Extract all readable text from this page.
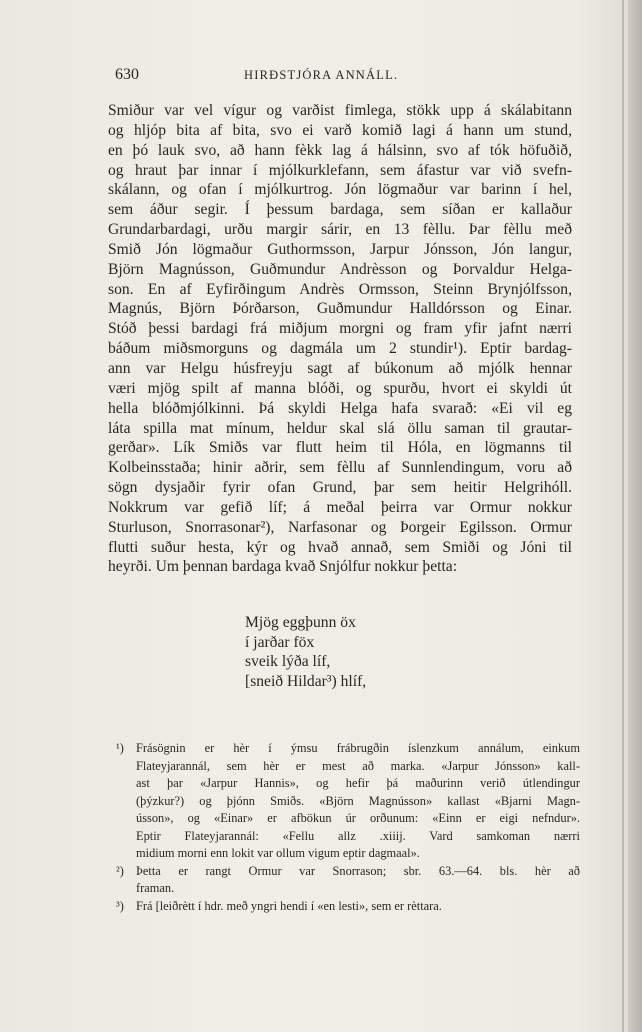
630	HIRÐSTJÓRA ANNÁLL.
Smiður var vel vígur og varðist fimlega, stökk upp á skálabitann
og hljóp bita af bita, svo ei varð komið lagi á hann um stund,
en þó lauk svo, að hann fèkk lag á hálsinn, svo af tók höfuðið,
og hraut þar innar í mjólkurklefann, sem áfastur var við svefn-
skálann, og ofan í mjólkurtrog. Jón lögmaður var barinn í hel,
sem áður segir. Í þessum bardaga, sem síðan er kallaður
Grundarbardagi, urðu margir sárir, en 13 fèllu. Þar fèllu með
Smið Jón lögmaður Guthormsson, Jarpur Jónsson, Jón langur,
Björn Magnússon, Guðmundur Andrèsson og Þorvaldur Helga-
son. En af Eyfirðingum Andrès Ormsson, Steinn Brynjólfsson,
Magnús, Björn Þórðarson, Guðmundur Halldórsson og Einar.
Stóð þessi bardagi frá miðjum morgni og fram yfir jafnt nærri
báðum miðsmorguns og dagmála um 2 stundir¹). Eptir bardag-
ann var Helgu húsfreyju sagt af búkonum að mjólk hennar
væri mjög spilt af manna blóði, og spurðu, hvort ei skyldi út
hella blóðmjólkinni. Þá skyldi Helga hafa svarað: «Ei vil eg
láta spilla mat mínum, heldur skal slá öllu saman til grautar-
gerðar». Lík Smiðs var flutt heim til Hóla, en lögmanns til
Kolbeinsstaða; hinir aðrir, sem fèllu af Sunnlendingum, voru að
sögn dysjaðir fyrir ofan Grund, þar sem heitir Helgrihóll.
Nokkrum var gefið líf; á meðal þeirra var Ormur nokkur
Sturluson, Snorrasonar²), Narfasonar og Þorgeir Egilsson. Ormur
flutti suður hesta, kýr og hvað annað, sem Smiði og Jóni til
heyrði. Um þennan bardaga kvað Snjólfur nokkur þetta:
Mjög eggþunn öx
í jarðar föx
sveik lýða líf,
[sneið Hildar³) hlíf,
¹) Frásögnin er hèr í ýmsu frábrugðin íslenzkum annálum, einkum
Flateyjarannál, sem hèr er mest að marka. «Jarpur Jónsson» kall-
ast þar «Jarpur Hannis», og hefir þá maðurinn verið útlendingur
(þýzkur?) og þjónn Smiðs. «Björn Magnússon» kallast «Bjarni Magn-
ússon», og «Einar» er afbökun úr orðunum: «Einn er eigi nefndur».
Eptir Flateyjarannál: «Fellu allz .xiiij. Vard samkoman nærri
midium morni enn lokit var ollum vigum eptir dagmaal».
²) Þetta er rangt Ormur var Snorrason; sbr. 63.—64. bls. hèr að
framan.
³) Frá [leiðrètt í hdr. með yngri hendi í «en lesti», sem er rèttara.
